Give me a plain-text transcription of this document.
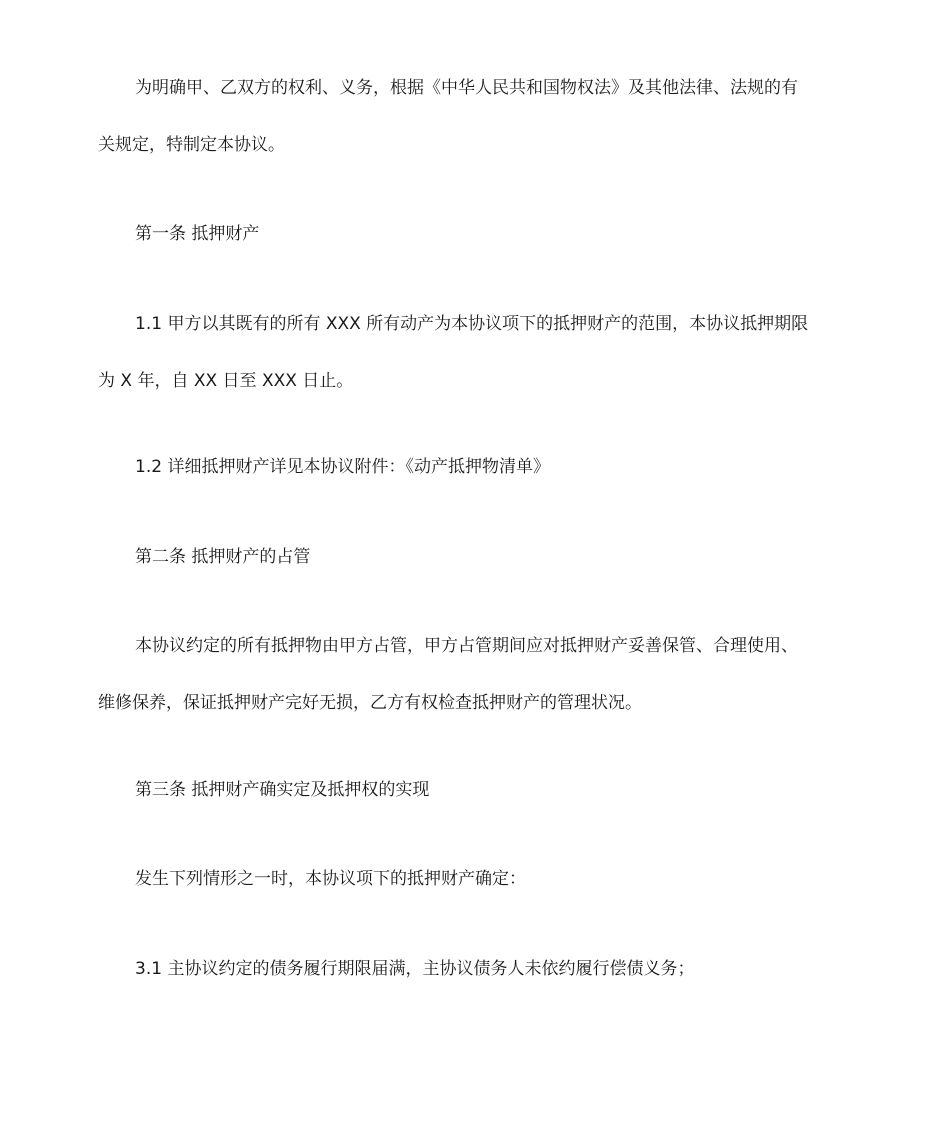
为明确甲、乙双方的权利、义务，根据《中华人民共和国物权法》及其他法律、法规的有
关规定，特制定本协议。

第一条 抵押财产

1.1 甲方以其既有的所有 XXX 所有动产为本协议项下的抵押财产的范围，本协议抵押期限
为 X 年，自 XX 日至 XXX 日止。

1.2 详细抵押财产详见本协议附件：《动产抵押物清单》

第二条 抵押财产的占管

本协议约定的所有抵押物由甲方占管，甲方占管期间应对抵押财产妥善保管、合理使用、
维修保养，保证抵押财产完好无损，乙方有权检查抵押财产的管理状况。

第三条 抵押财产确实定及抵押权的实现

发生下列情形之一时，本协议项下的抵押财产确定：

3.1 主协议约定的债务履行期限届满，主协议债务人未依约履行偿债义务；
